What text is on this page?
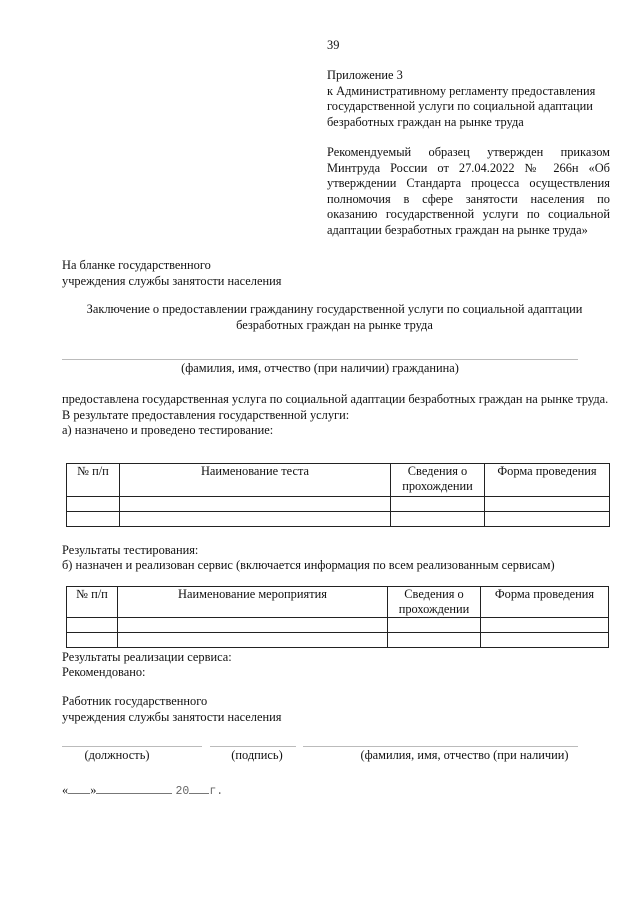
39
Приложение 3
к Административному регламенту предоставления
государственной услуги по социальной адаптации
безработных граждан на рынке труда
Рекомендуемый образец утвержден приказом Минтруда России от 27.04.2022 № 266н «Об утверждении Стандарта процесса осуществления полномочия в сфере занятости населения по оказанию государственной услуги по социальной адаптации безработных граждан на рынке труда»
На бланке государственного
учреждения службы занятости населения
Заключение о предоставлении гражданину государственной услуги по социальной адаптации
безработных граждан на рынке труда
(фамилия, имя, отчество (при наличии) гражданина)
предоставлена государственная услуга по социальной адаптации безработных граждан на рынке труда.
В результате предоставления государственной услуги:
а) назначено и проведено тестирование:
№ п/п	Наименование теста	Сведения о прохождении	Форма проведения

Результаты тестирования:
б) назначен и реализован сервис (включается информация по всем реализованным сервисам)
№ п/п	Наименование мероприятия	Сведения о прохождении	Форма проведения

Результаты реализации сервиса:
Рекомендовано:
Работник государственного
учреждения службы занятости населения
(должность)	(подпись)	(фамилия, имя, отчество (при наличии)
« »	20 г.
